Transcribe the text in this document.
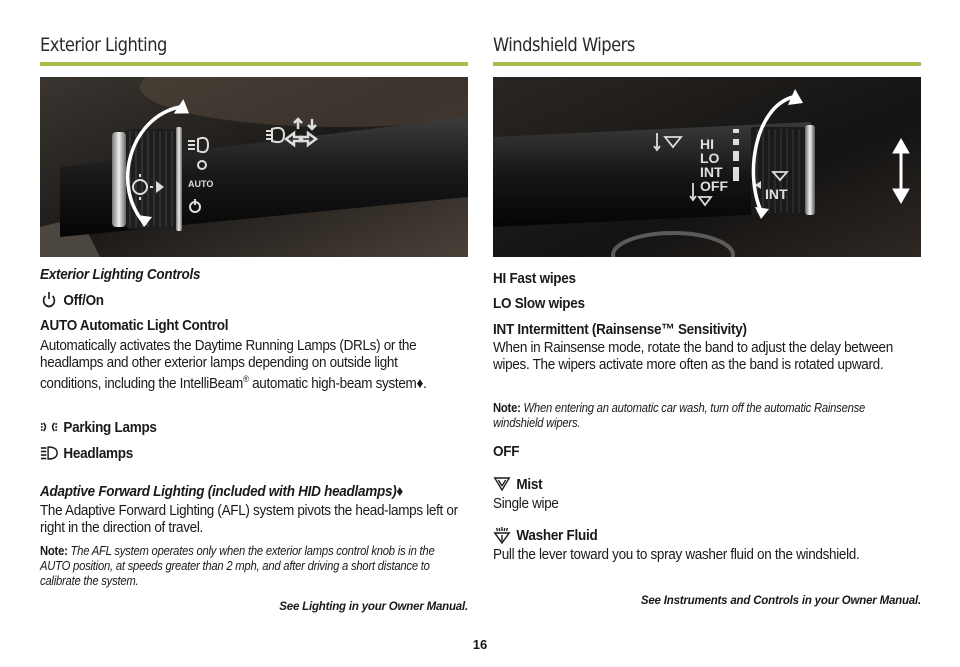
Exterior Lighting
AUTO
Exterior Lighting Controls
Off/On
AUTO Automatic Light Control
Automatically activates the Daytime Running Lamps (DRLs) or the headlamps and other exterior lamps depending on outside light conditions, including the IntelliBeam® automatic high-beam system♦.
Parking Lamps
Headlamps
Adaptive Forward Lighting (included with HID headlamps)♦
The Adaptive Forward Lighting (AFL) system pivots the head-lamps left or right in the direction of travel.
Note: The AFL system operates only when the exterior lamps control knob is in the AUTO position, at speeds greater than 2 mph, and after driving a short distance to calibrate the system.
See Lighting in your Owner Manual.
Windshield Wipers
HI
LO
INT
OFF	INT
HI Fast wipes
LO Slow wipes
INT Intermittent (Rainsense™ Sensitivity)
When in Rainsense mode, rotate the band to adjust the delay between wipes. The wipers activate more often as the band is rotated upward.
Note: When entering an automatic car wash, turn off the automatic Rainsense windshield wipers.
OFF
Mist
Single wipe
Washer Fluid
Pull the lever toward you to spray washer fluid on the windshield.
See Instruments and Controls in your Owner Manual.
16
